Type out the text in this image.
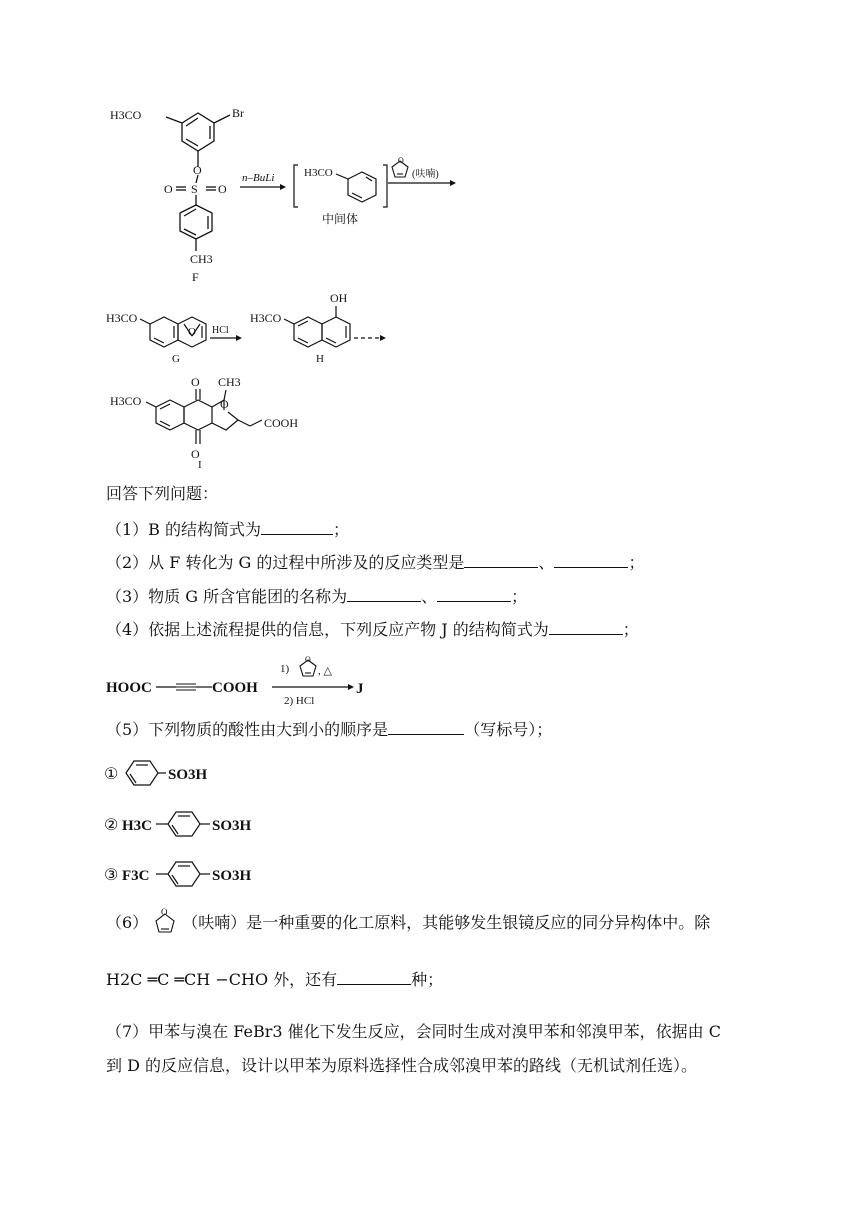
H3CO	Br
O
S
O	O
CH3
F
n–BuLi	H3CO
中间体
O
(呋喃)
H3CO
O
G
HCl
H3CO
OH
H
H3CO
CH3
COOH
O
O
O
I
回答下列问题：
（1）B 的结构简式为	；
（2）从 F 转化为 G 的过程中所涉及的反应类型是	、	；
（3）物质 G 所含官能团的名称为	、	；
（4）依据上述流程提供的信息，下列反应产物 J 的结构简式为	；
HOOC	COOH
1)
O
, △
2) HCl
J
（5）下列物质的酸性由大到小的顺序是	（写标号）；
①	SO3H
② H3C	SO3H
③ F3C	SO3H
（6）
O
（呋喃）是一种重要的化工原料，其能够发生银镜反应的同分异构体中。除
H2C ═C ═CH −CHO 外，还有	种；
（7）甲苯与溴在 FeBr3 催化下发生反应，会同时生成对溴甲苯和邻溴甲苯，依据由 C
到 D 的反应信息，设计以甲苯为原料选择性合成邻溴甲苯的路线（无机试剂任选）。
